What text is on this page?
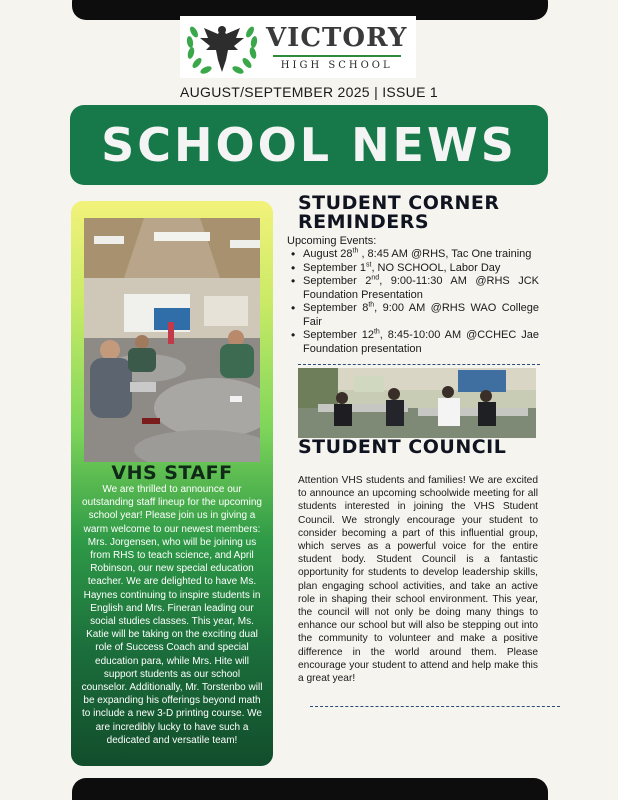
VICTORY
HIGH SCHOOL
AUGUST/SEPTEMBER 2025 | ISSUE 1
SCHOOL NEWS
VHS STAFF
We are thrilled to announce our outstanding staff lineup for the upcoming school year! Please join us in giving a warm welcome to our newest members: Mrs. Jorgensen, who will be joining us from RHS to teach science, and April Robinson, our new special education teacher. We are delighted to have Ms. Haynes continuing to inspire students in English and Mrs. Fineran leading our social studies classes. This year, Ms. Katie will be taking on the exciting dual role of Success Coach and special education para, while Mrs. Hite will support students as our school counselor. Additionally, Mr. Torstenbo will be expanding his offerings beyond math to include a new 3-D printing course. We are incredibly lucky to have such a dedicated and versatile team!
STUDENT CORNER REMINDERS
Upcoming Events:
• August 28th , 8:45 AM @RHS, Tac One training
• September 1st, NO SCHOOL, Labor Day
• September 2nd, 9:00-11:30 AM @RHS JCK Foundation Presentation
• September 8th, 9:00 AM @RHS WAO College Fair
• September 12th, 8:45-10:00 AM @CCHEC Jae Foundation presentation
STUDENT COUNCIL
Attention VHS students and families! We are excited to announce an upcoming schoolwide meeting for all students interested in joining the VHS Student Council. We strongly encourage your student to consider becoming a part of this influential group, which serves as a powerful voice for the entire student body. Student Council is a fantastic opportunity for students to develop leadership skills, plan engaging school activities, and take an active role in shaping their school environment. This year, the council will not only be doing many things to enhance our school but will also be stepping out into the community to volunteer and make a positive difference in the world around them. Please encourage your student to attend and help make this a great year!
